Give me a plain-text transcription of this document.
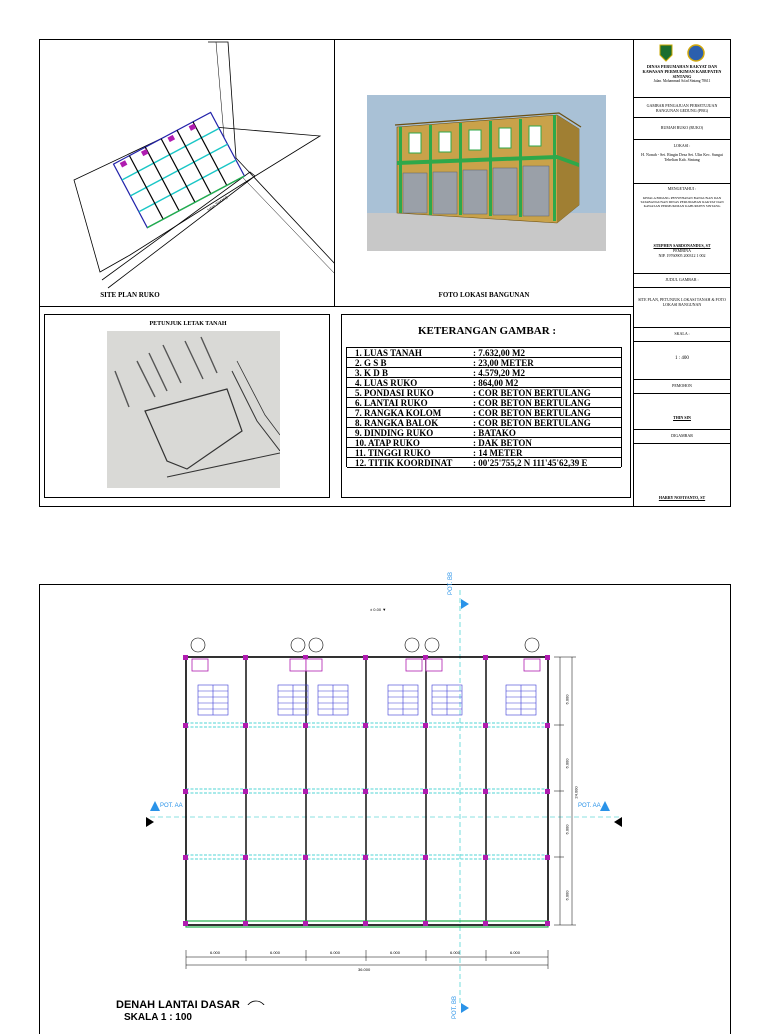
Jalan Sintang
SITE PLAN RUKO	FOTO LOKASI BANGUNAN
PETUNJUK LETAK TANAH
KETERANGAN GAMBAR :
1. LUAS TANAH	: 7.632,00 M2
2. G S B	: 23,00 METER
3. K D B	: 4.579,20 M2
4. LUAS RUKO	: 864,00 M2
5. PONDASI RUKO	: COR BETON BERTULANG
6. LANTAI RUKO	: COR BETON BERTULANG
7. RANGKA KOLOM	: COR BETON BERTULANG
8. RANGKA BALOK	: COR BETON BERTULANG
9. DINDING RUKO	: BATAKO
10. ATAP RUKO	: DAK BETON
11. TINGGI RUKO	: 14 METER
12. TITIK KOORDINAT : 00'25'755,2 N 111'45'62,39 E
DINAS PERUMAHAN RAKYAT DAN KAWASAN PERMUKIMAN KABUPATEN SINTANG
Jalan. Mohammad Sa'ad Sintang 78611
GAMBAR PENGAJUAN PERSETUJUAN BANGUNAN GEDUNG (PBG)
RUMAH RUKO (RUKO)
LOKASI :
H. Nonah - Sei. Ringin Desa Sei. Ulin Kec. Sungai Tebelian Kab. Sintang
MENGETAHUI :
KEPALA BIDANG PENYEHATAN BANGUNAN DAN TATABANGUNAN DINAS PERUMAHAN RAKYAT DAN KAWASAN PERMUKIMAN KABUPATEN SINTANG
STEPHEN SABDONANDUS, ST
PEMBINA
NIP. 19760905 200312 1 002
JUDUL GAMBAR :
SITE PLAN, PETUNJUK LOKASI TANAH & FOTO LOKASI BANGUNAN
SKALA :
1 : 400
PEMOHON
THIN SIN
DIGAMBAR
HARRY NOFIYANTO, ST
± 0.00 ▼
POT. BB
POT. BB
POT. AA	POT. AA
6.000	6.000	6.000	6.000	6.000	6.000
36.000
6.000
6.000
6.000
6.000
24.000
DENAH LANTAI DASAR
SKALA 1 : 100
